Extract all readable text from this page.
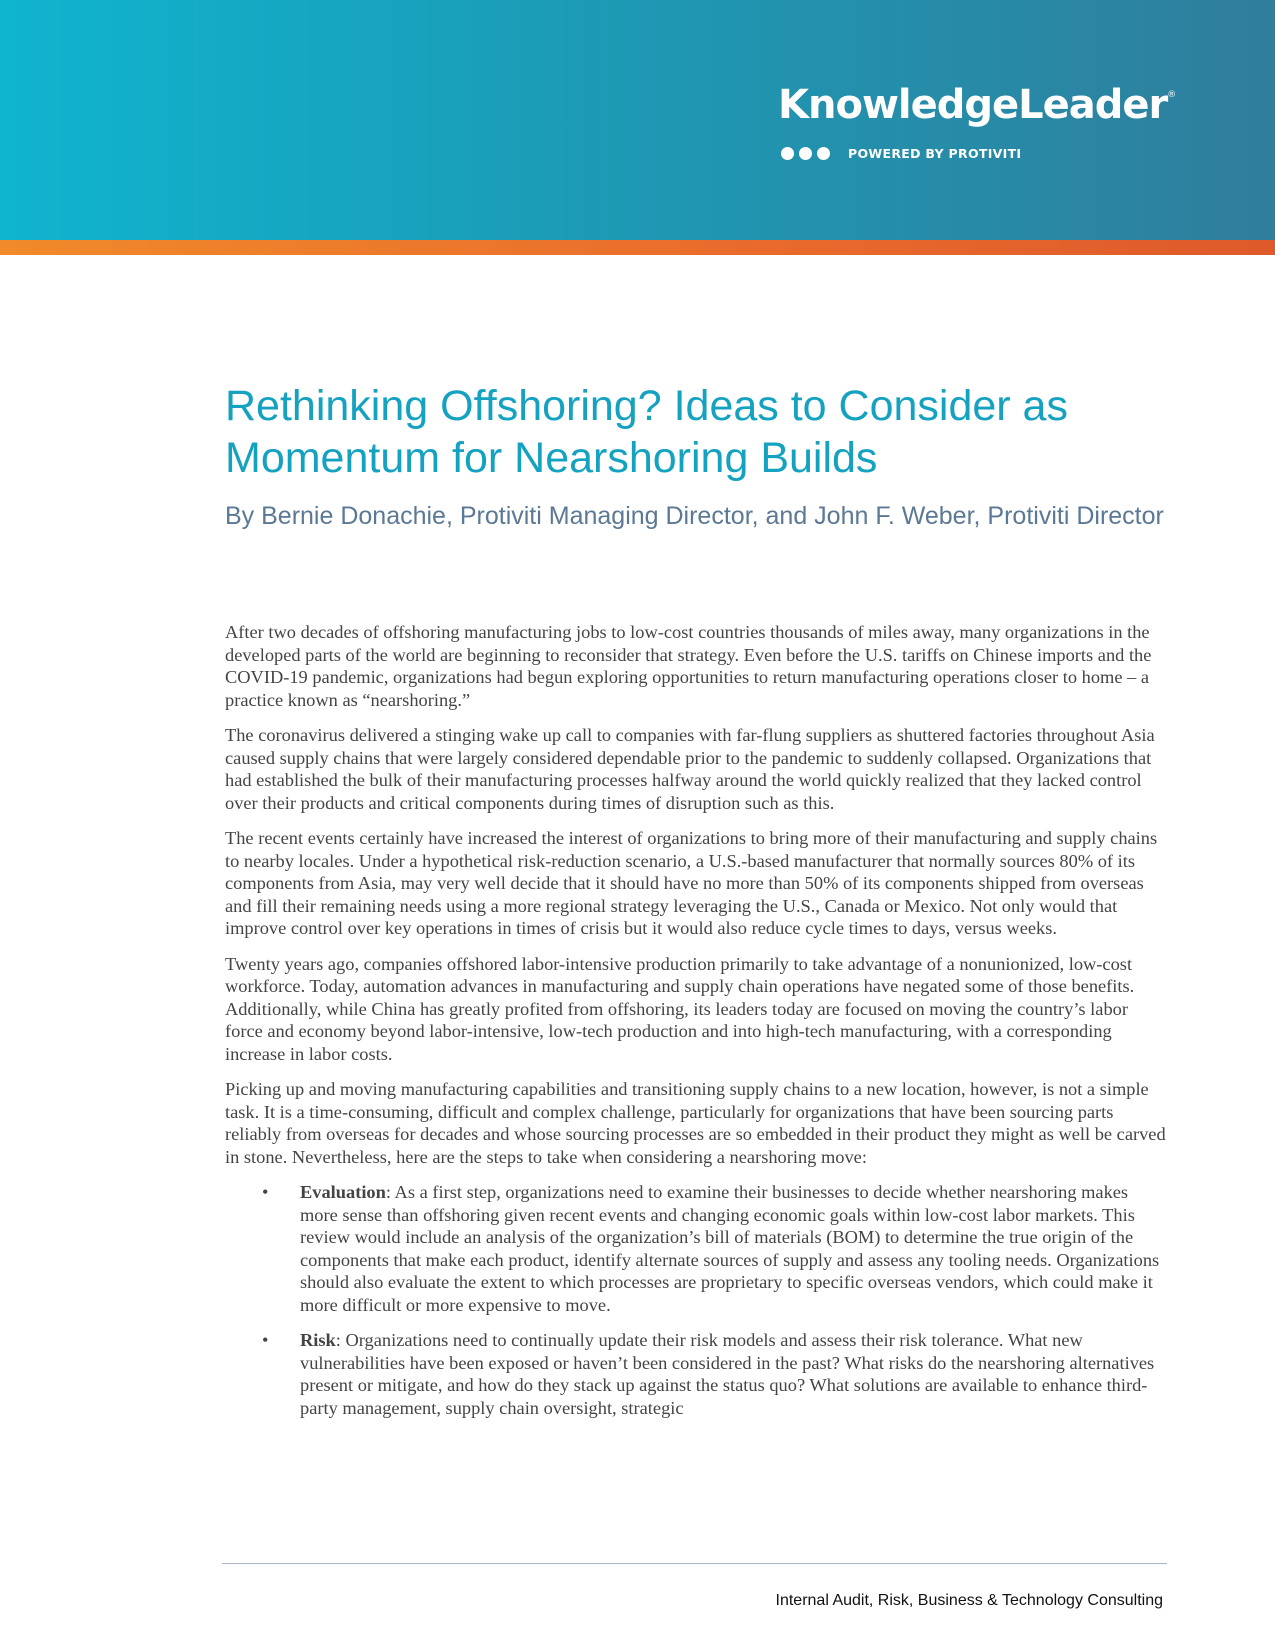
KnowledgeLeader®
POWERED BY PROTIVITI
Rethinking Offshoring? Ideas to Consider as Momentum for Nearshoring Builds

By Bernie Donachie, Protiviti Managing Director, and John F. Weber, Protiviti Director

After two decades of offshoring manufacturing jobs to low-cost countries thousands of miles away, many organizations in the developed parts of the world are beginning to reconsider that strategy. Even before the U.S. tariffs on Chinese imports and the COVID-19 pandemic, organizations had begun exploring opportunities to return manufacturing operations closer to home – a practice known as “nearshoring.”

The coronavirus delivered a stinging wake up call to companies with far-flung suppliers as shuttered factories throughout Asia caused supply chains that were largely considered dependable prior to the pandemic to suddenly collapsed. Organizations that had established the bulk of their manufacturing processes halfway around the world quickly realized that they lacked control over their products and critical components during times of disruption such as this.

The recent events certainly have increased the interest of organizations to bring more of their manufacturing and supply chains to nearby locales. Under a hypothetical risk-reduction scenario, a U.S.-based manufacturer that normally sources 80% of its components from Asia, may very well decide that it should have no more than 50% of its components shipped from overseas and fill their remaining needs using a more regional strategy leveraging the U.S., Canada or Mexico. Not only would that improve control over key operations in times of crisis but it would also reduce cycle times to days, versus weeks.

Twenty years ago, companies offshored labor-intensive production primarily to take advantage of a nonunionized, low-cost workforce. Today, automation advances in manufacturing and supply chain operations have negated some of those benefits. Additionally, while China has greatly profited from offshoring, its leaders today are focused on moving the country’s labor force and economy beyond labor-intensive, low-tech production and into high-tech manufacturing, with a corresponding increase in labor costs.

Picking up and moving manufacturing capabilities and transitioning supply chains to a new location, however, is not a simple task. It is a time-consuming, difficult and complex challenge, particularly for organizations that have been sourcing parts reliably from overseas for decades and whose sourcing processes are so embedded in their product they might as well be carved in stone. Nevertheless, here are the steps to take when considering a nearshoring move:

• Evaluation: As a first step, organizations need to examine their businesses to decide whether nearshoring makes more sense than offshoring given recent events and changing economic goals within low-cost labor markets. This review would include an analysis of the organization’s bill of materials (BOM) to determine the true origin of the components that make each product, identify alternate sources of supply and assess any tooling needs. Organizations should also evaluate the extent to which processes are proprietary to specific overseas vendors, which could make it more difficult or more expensive to move.
• Risk: Organizations need to continually update their risk models and assess their risk tolerance. What new vulnerabilities have been exposed or haven’t been considered in the past? What risks do the nearshoring alternatives present or mitigate, and how do they stack up against the status quo? What solutions are available to enhance third-party management, supply chain oversight, strategic
Internal Audit, Risk, Business & Technology Consulting
